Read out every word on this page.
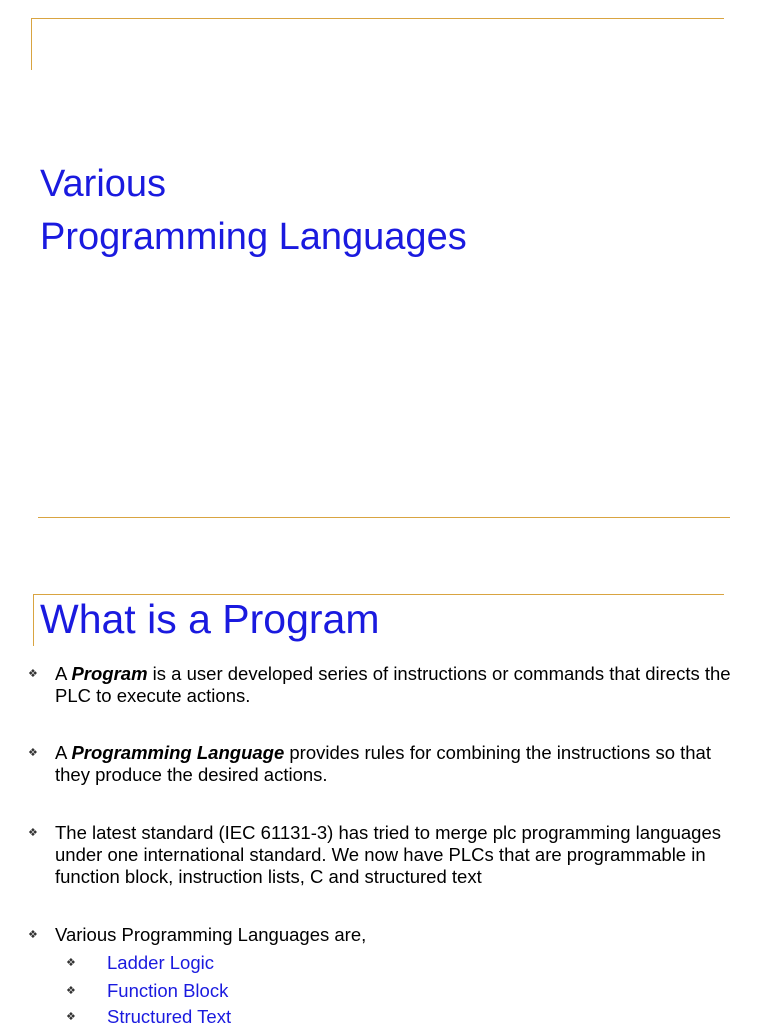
Various
Programming Languages
What is a Program
❖ A Program is a user developed series of instructions or commands that directs the PLC to execute actions.
❖ A Programming Language provides rules for combining the instructions so that they produce the desired actions.
❖ The latest standard (IEC 61131-3) has tried to merge plc programming languages under one international standard. We now have PLCs that are programmable in function block, instruction lists, C and structured text
❖ Various Programming Languages are,
❖ Ladder Logic
❖ Function Block
❖ Structured Text
